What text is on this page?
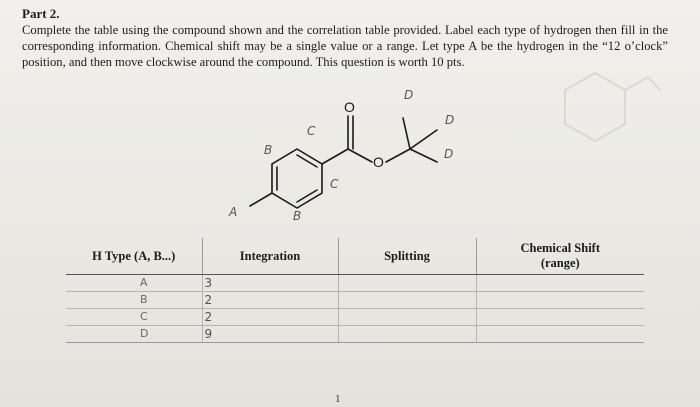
Part 2.
Complete the table using the compound shown and the correlation table provided. Label each type of hydrogen then fill in the corresponding information. Chemical shift may be a single value or a range. Let type A be the hydrogen in the “12 o’clock” position, and then move clockwise around the compound. This question is worth 10 pts.
O
O
A
B
C
C
B
D
D
D
H Type (A, B...)	Integration	Splitting	Chemical Shift
(range)

A	3		

B	2		

C	2		

D	9		

1
